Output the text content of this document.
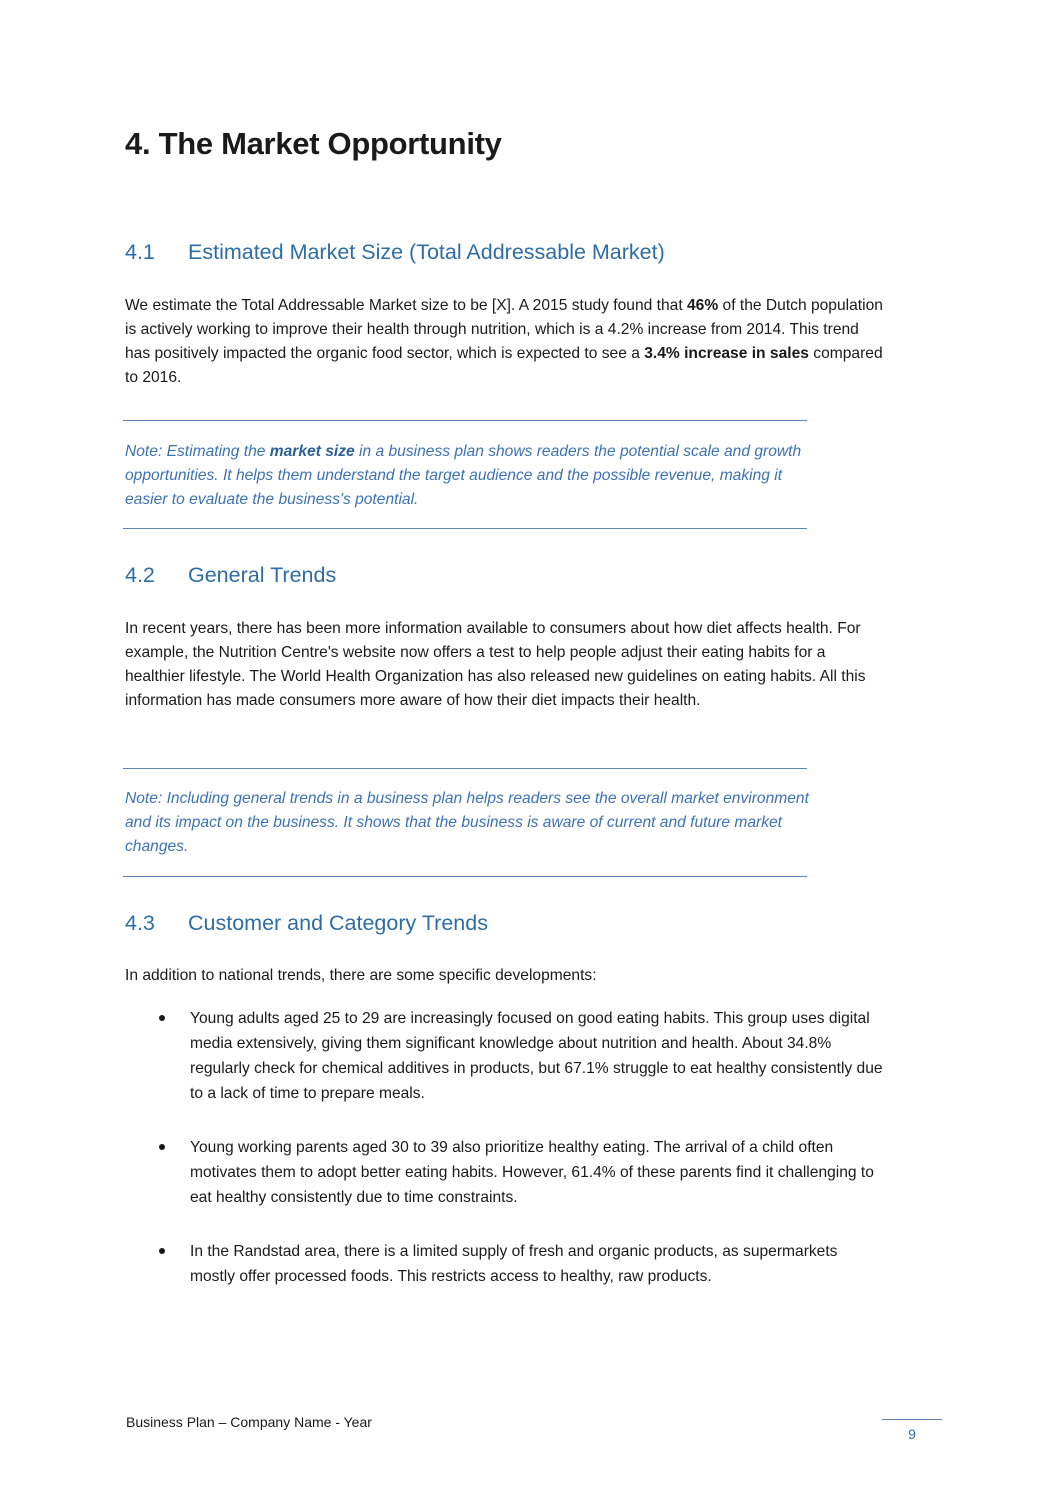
4. The Market Opportunity
4.1 Estimated Market Size (Total Addressable Market)

We estimate the Total Addressable Market size to be [X]. A 2015 study found that 46% of the Dutch population is actively working to improve their health through nutrition, which is a 4.2% increase from 2014. This trend has positively impacted the organic food sector, which is expected to see a 3.4% increase in sales compared to 2016.

Note: Estimating the market size in a business plan shows readers the potential scale and growth opportunities. It helps them understand the target audience and the possible revenue, making it easier to evaluate the business's potential.

4.2 General Trends

In recent years, there has been more information available to consumers about how diet affects health. For example, the Nutrition Centre's website now offers a test to help people adjust their eating habits for a healthier lifestyle. The World Health Organization has also released new guidelines on eating habits. All this information has made consumers more aware of how their diet impacts their health.

Note: Including general trends in a business plan helps readers see the overall market environment and its impact on the business. It shows that the business is aware of current and future market changes.

4.3 Customer and Category Trends

In addition to national trends, there are some specific developments:

Young adults aged 25 to 29 are increasingly focused on good eating habits. This group uses digital media extensively, giving them significant knowledge about nutrition and health. About 34.8% regularly check for chemical additives in products, but 67.1% struggle to eat healthy consistently due to a lack of time to prepare meals.
Young working parents aged 30 to 39 also prioritize healthy eating. The arrival of a child often motivates them to adopt better eating habits. However, 61.4% of these parents find it challenging to eat healthy consistently due to time constraints.
In the Randstad area, there is a limited supply of fresh and organic products, as supermarkets mostly offer processed foods. This restricts access to healthy, raw products.
Business Plan – Company Name - Year
9
